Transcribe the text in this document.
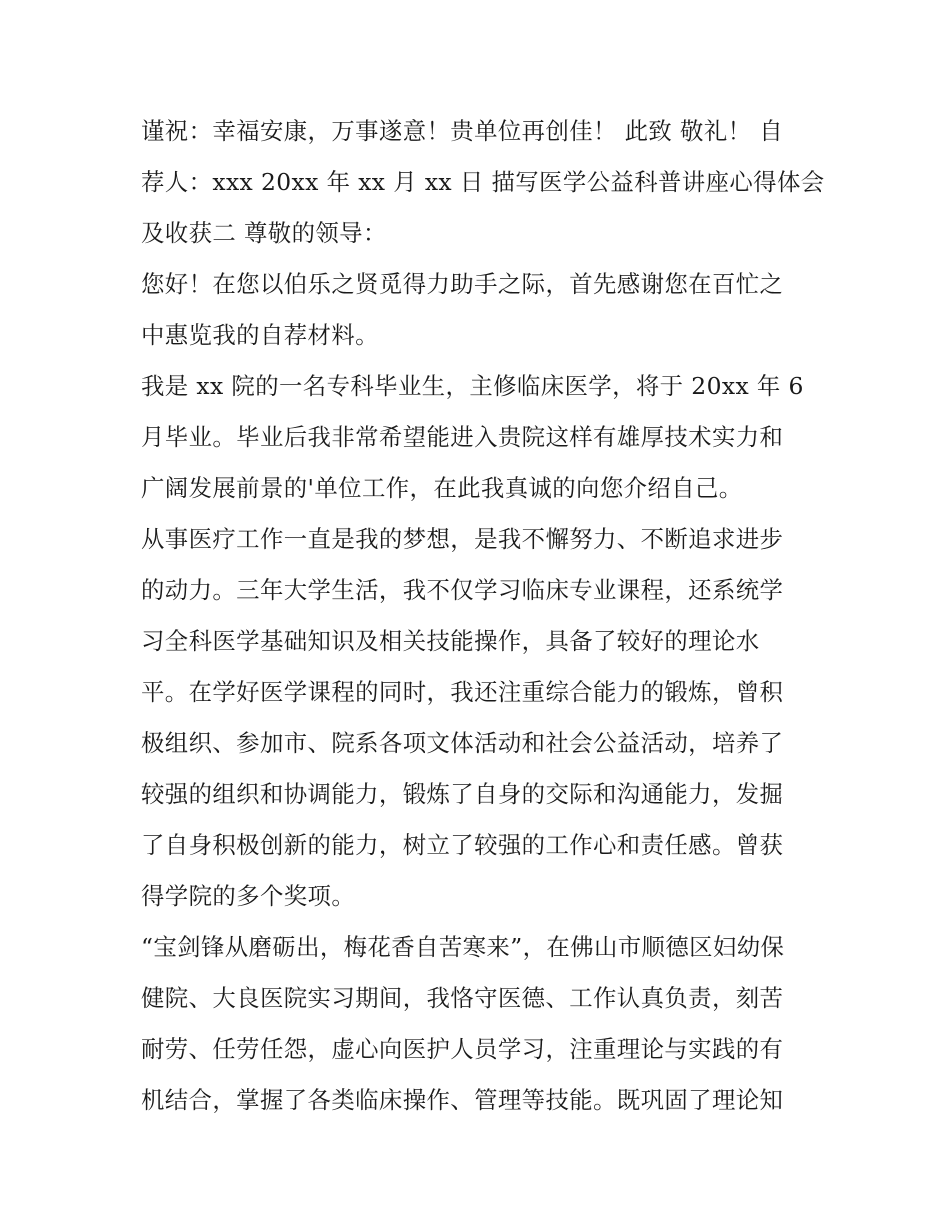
谨祝：幸福安康，万事遂意！贵单位再创佳！ 此致 敬礼！ 自
荐人：xxx 20xx 年 xx 月 xx 日 描写医学公益科普讲座心得体会
及收获二 尊敬的领导：
您好！在您以伯乐之贤觅得力助手之际，首先感谢您在百忙之
中惠览我的自荐材料。
我是 xx 院的一名专科毕业生，主修临床医学，将于 20xx 年 6
月毕业。毕业后我非常希望能进入贵院这样有雄厚技术实力和
广阔发展前景的'单位工作，在此我真诚的向您介绍自己。
从事医疗工作一直是我的梦想，是我不懈努力、不断追求进步
的动力。三年大学生活，我不仅学习临床专业课程，还系统学
习全科医学基础知识及相关技能操作，具备了较好的理论水
平。在学好医学课程的同时，我还注重综合能力的锻炼，曾积
极组织、参加市、院系各项文体活动和社会公益活动，培养了
较强的组织和协调能力，锻炼了自身的交际和沟通能力，发掘
了自身积极创新的能力，树立了较强的工作心和责任感。曾获
得学院的多个奖项。
“宝剑锋从磨砺出，梅花香自苦寒来”，在佛山市顺德区妇幼保
健院、大良医院实习期间，我恪守医德、工作认真负责，刻苦
耐劳、任劳任怨，虚心向医护人员学习，注重理论与实践的有
机结合，掌握了各类临床操作、管理等技能。既巩固了理论知
